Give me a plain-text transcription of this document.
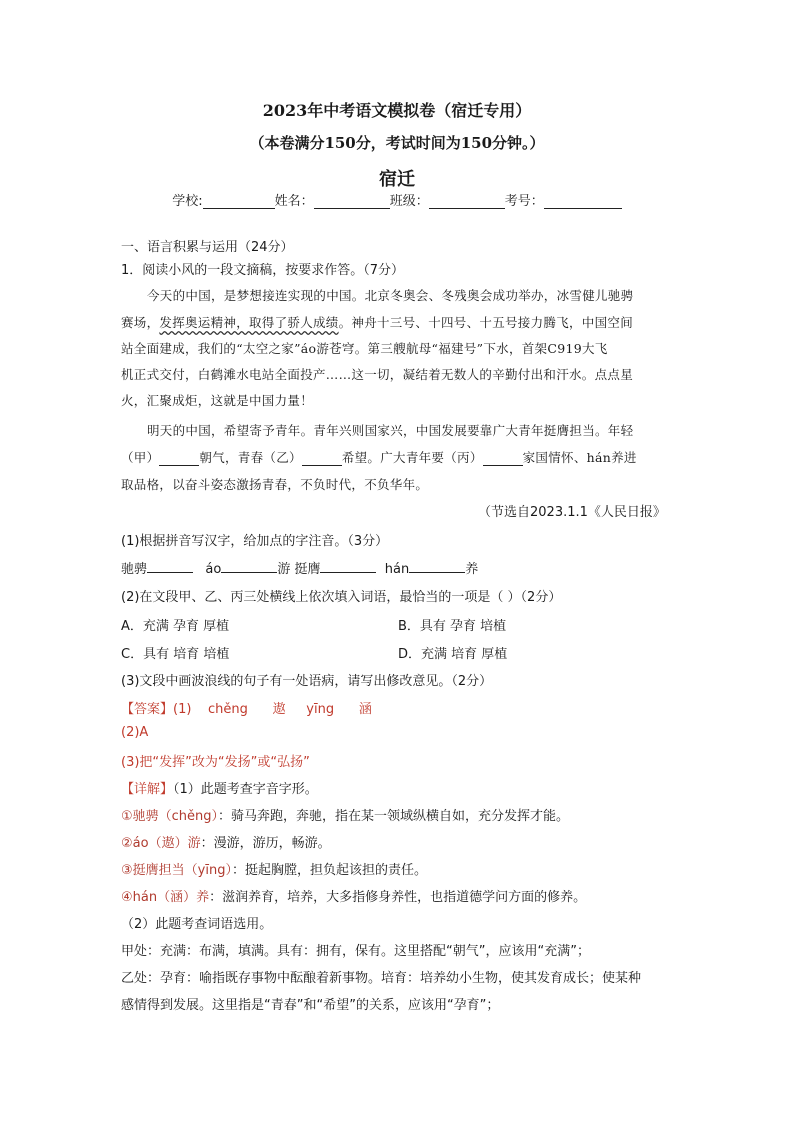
2023年中考语文模拟卷（宿迁专用）
（本卷满分150分，考试时间为150分钟。）
宿迁
学校:	姓名：	班级：	考号：
一、语言积累与运用（24分）
1．阅读小风的一段文摘稿，按要求作答。（7分）
今天的中国，是梦想接连实现的中国。北京冬奥会、冬残奥会成功举办，冰雪健儿驰骋
赛场，发挥奥运精神，取得了骄人成绩。神舟十三号、十四号、十五号接力腾飞，中国空间
站全面建成，我们的“太空之家”áo游苍穹。第三艘航母“福建号”下水，首架C919大飞
机正式交付，白鹤滩水电站全面投产……这一切，凝结着无数人的辛勤付出和汗水。点点星
火，汇聚成炬，这就是中国力量！
明天的中国，希望寄予青年。青年兴则国家兴，中国发展要靠广大青年挺膺担当。年轻
（甲）	朝气，青春（乙）	希望。广大青年要（丙）	家国情怀、hán养进
取品格，以奋斗姿态激扬青春，不负时代，不负华年。
（节选自2023.1.1《人民日报》
(1)根据拼音写汉字，给加点的字注音。（3分）
驰骋	áo	游 挺膺	hán	养
(2)在文段甲、乙、丙三处横线上依次填入词语，最恰当的一项是（ ）（2分）
A．充满 孕育 厚植	B．具有 孕育 培植
C．具有 培育 培植	D．充满 培育 厚植
(3)文段中画波浪线的句子有一处语病，请写出修改意见。（2分）
【答案】(1)    chěng      遨     yīng      涵
(2)A
(3)把“发挥”改为“发扬”或“弘扬”
【详解】（1）此题考查字音字形。
①驰骋（chěng）：骑马奔跑，奔驰，指在某一领域纵横自如，充分发挥才能。
②áo（遨）游：漫游，游历，畅游。
③挺膺担当（yīng）：挺起胸膛，担负起该担的责任。
④hán（涵）养：滋润养育，培养，大多指修身养性，也指道德学问方面的修养。
（2）此题考查词语选用。
甲处：充满：布满，填满。具有：拥有，保有。这里搭配“朝气”，应该用“充满”；
乙处：孕育：喻指既存事物中酝酿着新事物。培育：培养幼小生物，使其发育成长；使某种
感情得到发展。这里指是“青春”和“希望”的关系，应该用“孕育”；
